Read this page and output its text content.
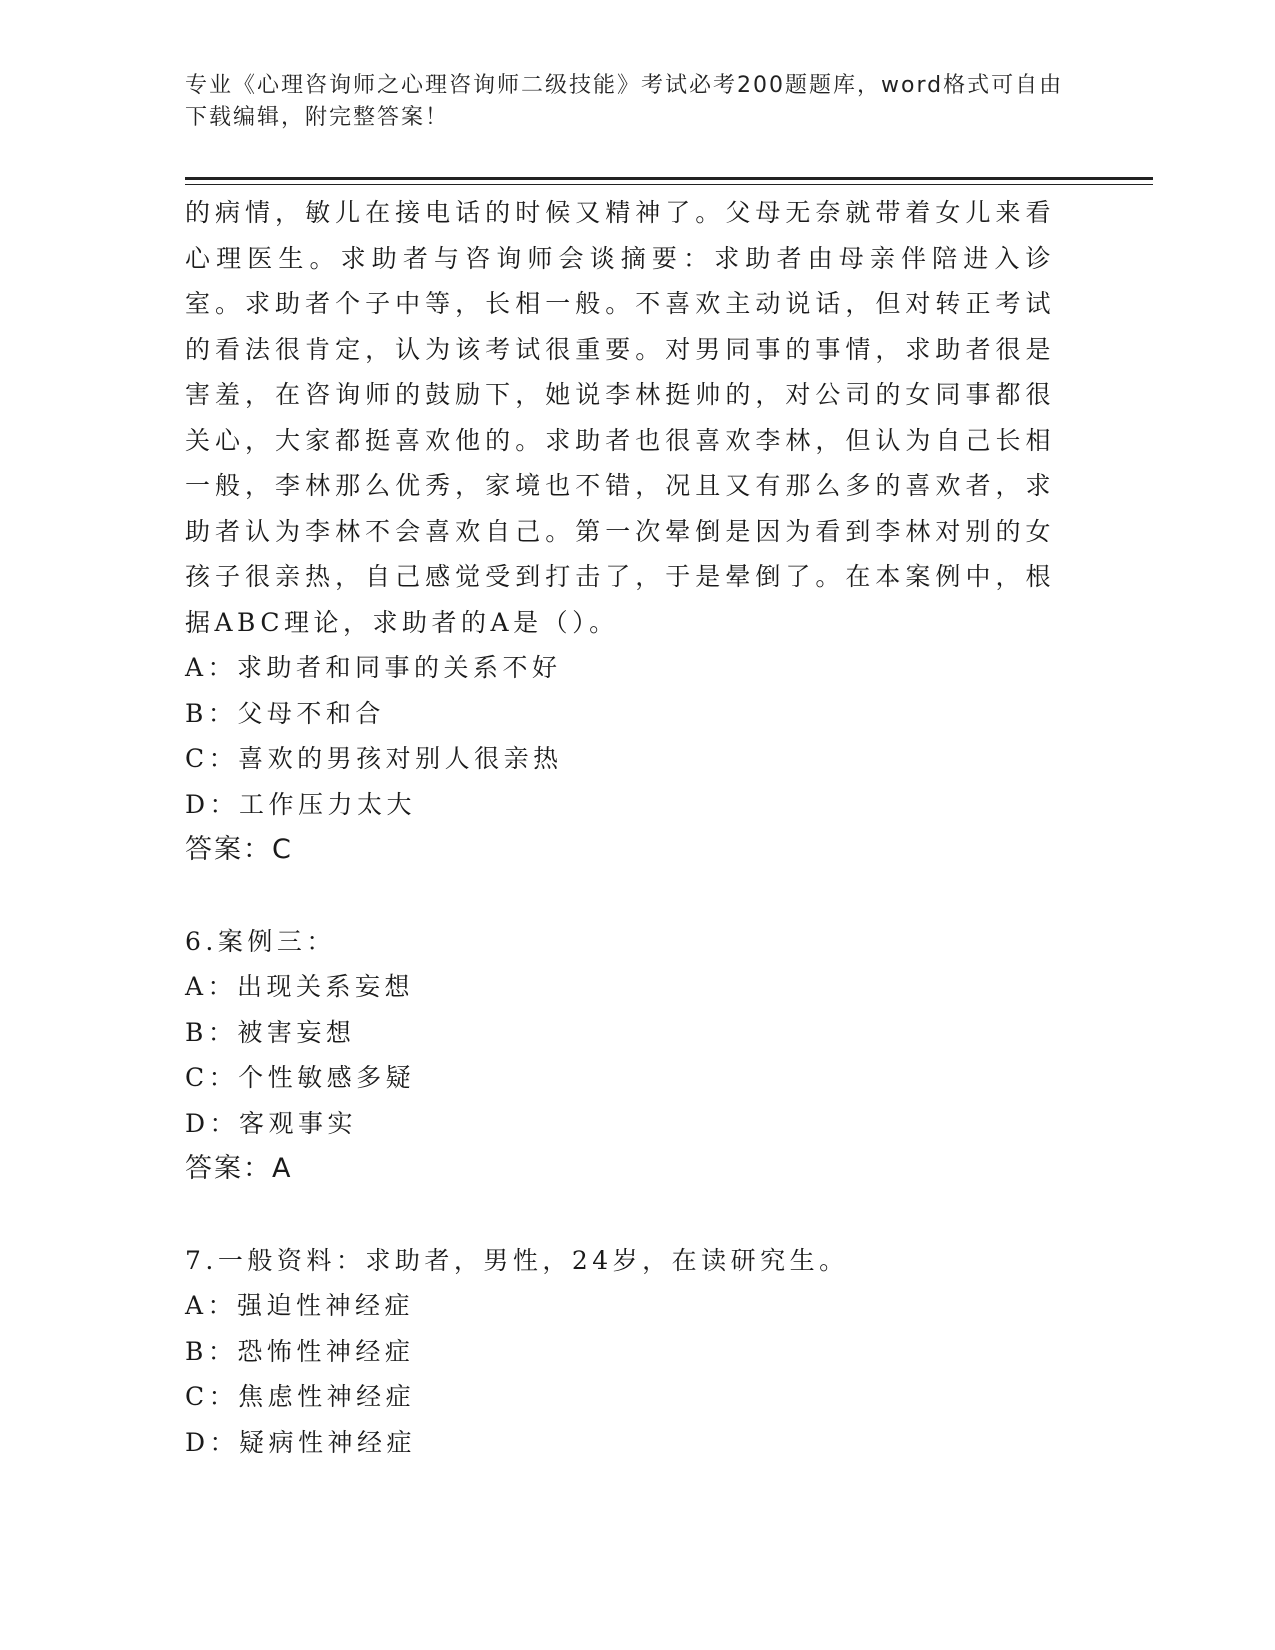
专业《心理咨询师之心理咨询师二级技能》考试必考200题题库，word格式可自由下载编辑，附完整答案！

的病情，敏儿在接电话的时候又精神了。父母无奈就带着女儿来看心理医生。求助者与咨询师会谈摘要：求助者由母亲伴陪进入诊室。求助者个子中等，长相一般。不喜欢主动说话，但对转正考试的看法很肯定，认为该考试很重要。对男同事的事情，求助者很是害羞，在咨询师的鼓励下，她说李林挺帅的，对公司的女同事都很关心，大家都挺喜欢他的。求助者也很喜欢李林，但认为自己长相一般，李林那么优秀，家境也不错，况且又有那么多的喜欢者，求助者认为李林不会喜欢自己。第一次晕倒是因为看到李林对别的女孩子很亲热，自己感觉受到打击了，于是晕倒了。在本案例中，根据ABC理论，求助者的A是（）。

A：求助者和同事的关系不好

B：父母不和合

C：喜欢的男孩对别人很亲热

D：工作压力太大

答案：C

6.案例三：

A：出现关系妄想

B：被害妄想

C：个性敏感多疑

D：客观事实

答案：A

7.一般资料：求助者，男性，24岁，在读研究生。

A：强迫性神经症

B：恐怖性神经症

C：焦虑性神经症

D：疑病性神经症
